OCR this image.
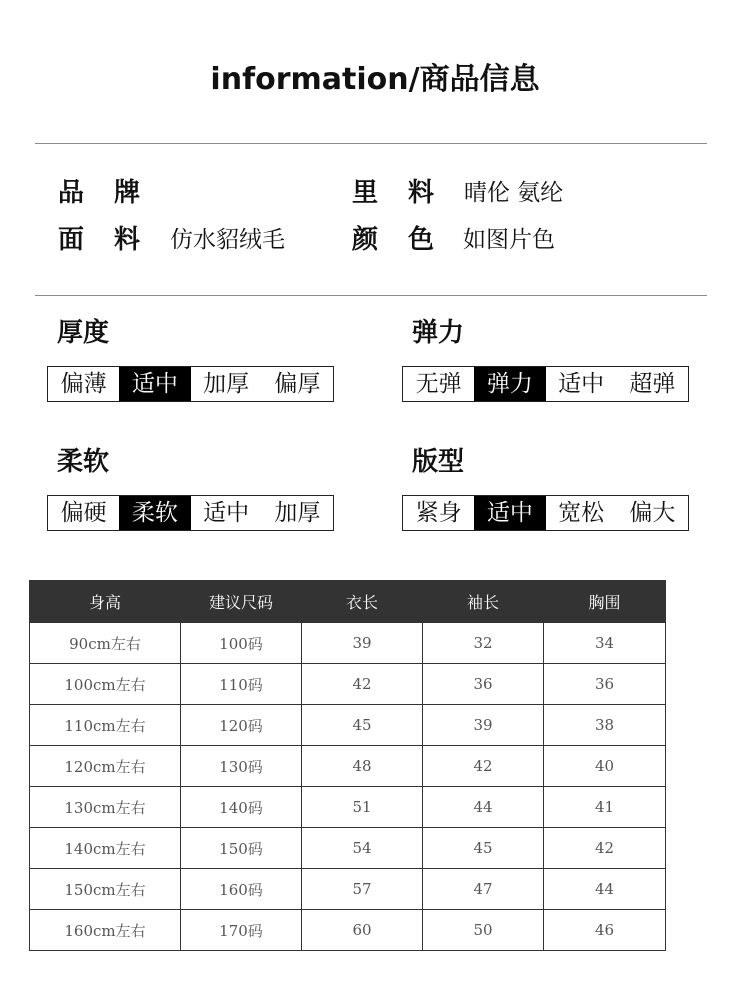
information/商品信息
品 牌	里 料 晴伦 氨纶
面 料 仿水貂绒毛	颜 色 如图片色
厚度
偏薄	适中	加厚	偏厚
弹力
无弹	弹力	适中	超弹
柔软
偏硬	柔软	适中	加厚
版型
紧身	适中	宽松	偏大
身高	建议尺码	衣长	袖长	胸围
90cm左右	100码	39	32	34
100cm左右	110码	42	36	36
110cm左右	120码	45	39	38
120cm左右	130码	48	42	40
130cm左右	140码	51	44	41
140cm左右	150码	54	45	42
150cm左右	160码	57	47	44
160cm左右	170码	60	50	46
